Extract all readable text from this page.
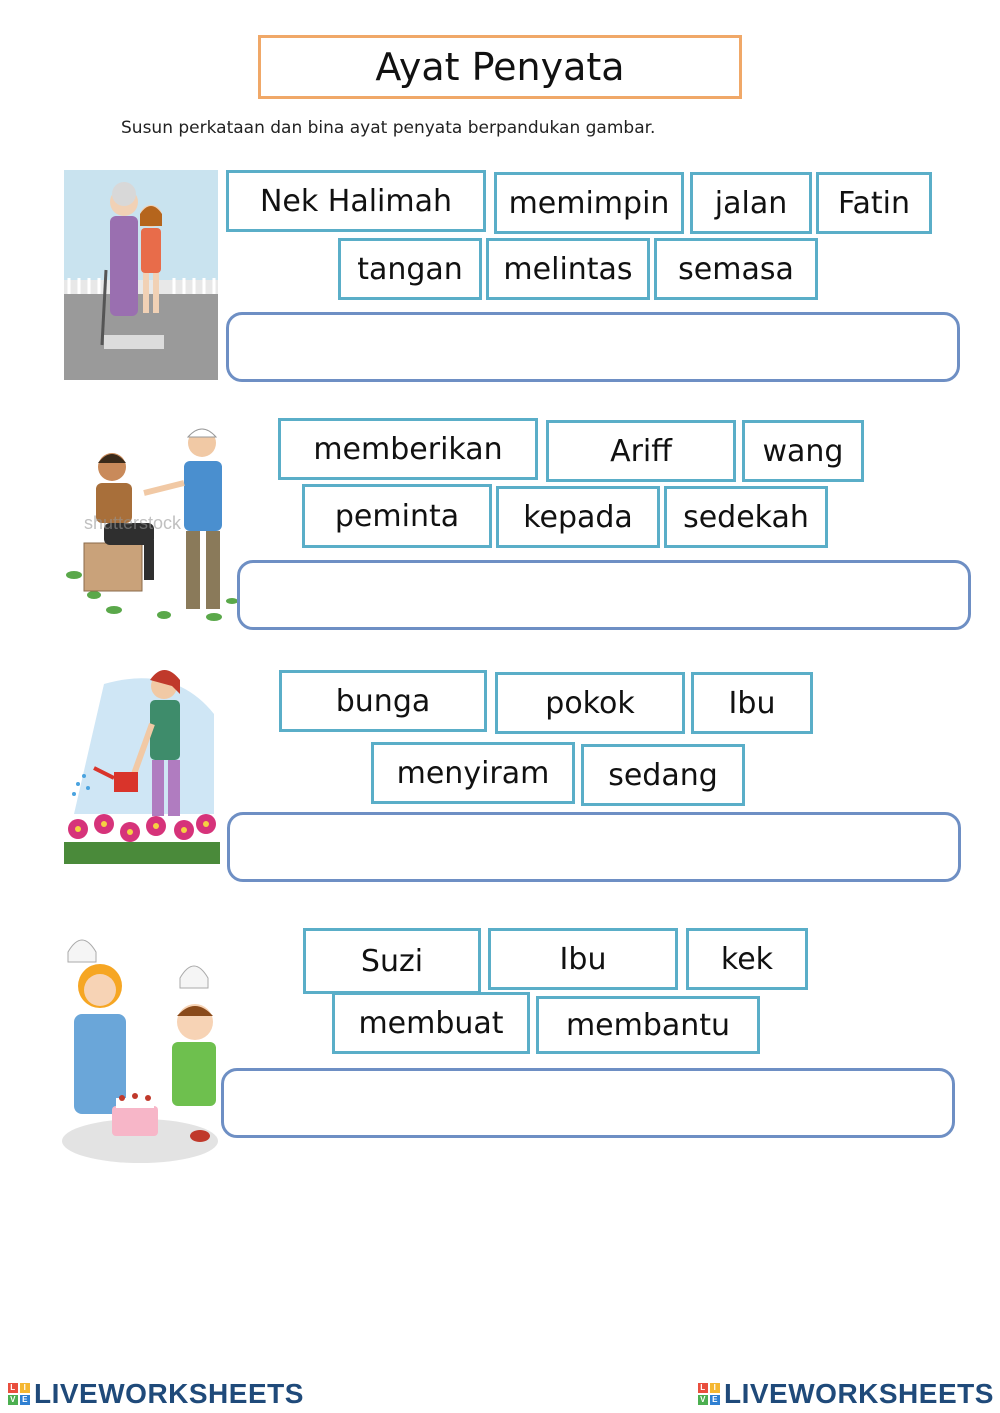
Ayat Penyata
Susun perkataan dan bina ayat penyata berpandukan gambar.
Nek Halimah	memimpin	jalan	Fatin
tangan	melintas	semasa
shutterstock
memberikan	Ariff	wang
peminta	kepada	sedekah
bunga	pokok	Ibu
menyiram	sedang
Suzi	Ibu	kek
membuat	membantu
L I
V E LIVEWORKSHEETS	L I
V E LIVEWORKSHEETS
